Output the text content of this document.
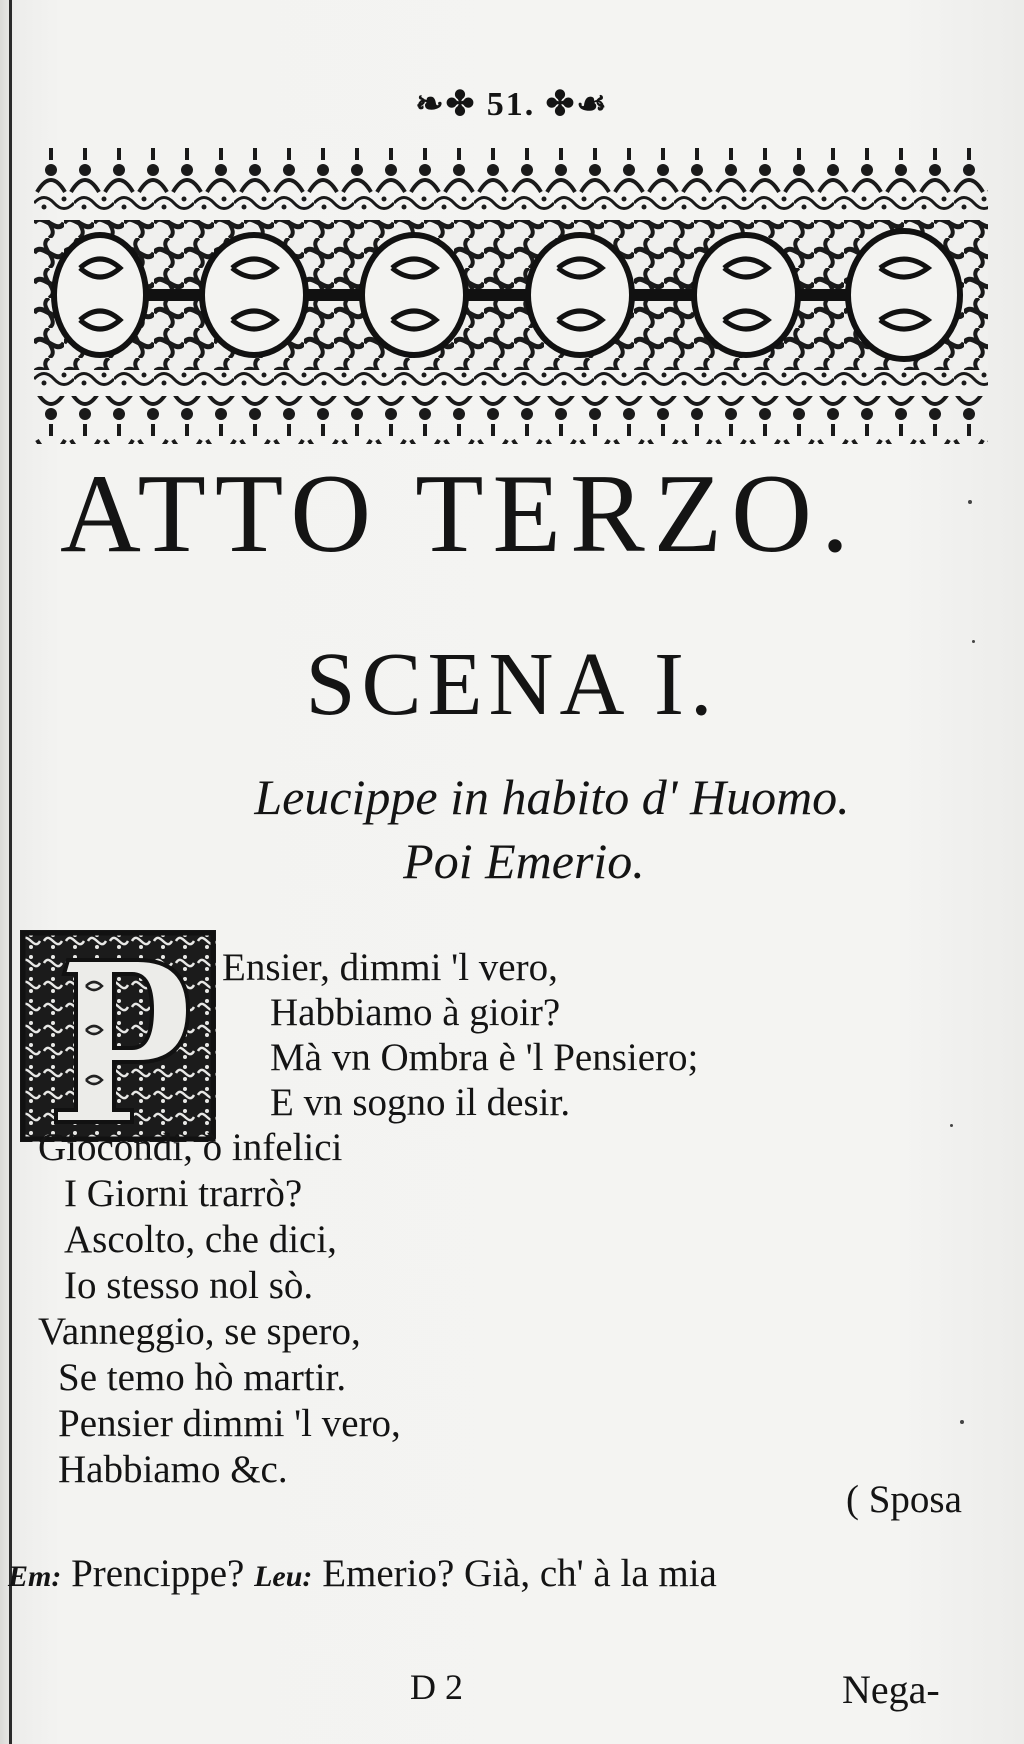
❧✤ 51. ✤☙
ATTO TERZO.
SCENA I.
Leucippe in habito d' Huomo.
Poi Emerio.
Ensier, dimmi 'l vero,
Habbiamo à gioir?
Mà vn Ombra è 'l Pensiero;
E vn sogno il desir.
Giocondi, ò infelici
I Giorni trarrò?
Ascolto, che dici,
Io stesso nol sò.
Vanneggio, se spero,
Se temo hò martir.
Pensier dimmi 'l vero,
Habbiamo &c.
( Sposa
Em: Prencippe? Leu: Emerio? Già, ch' à la mia
D 2	Nega-
